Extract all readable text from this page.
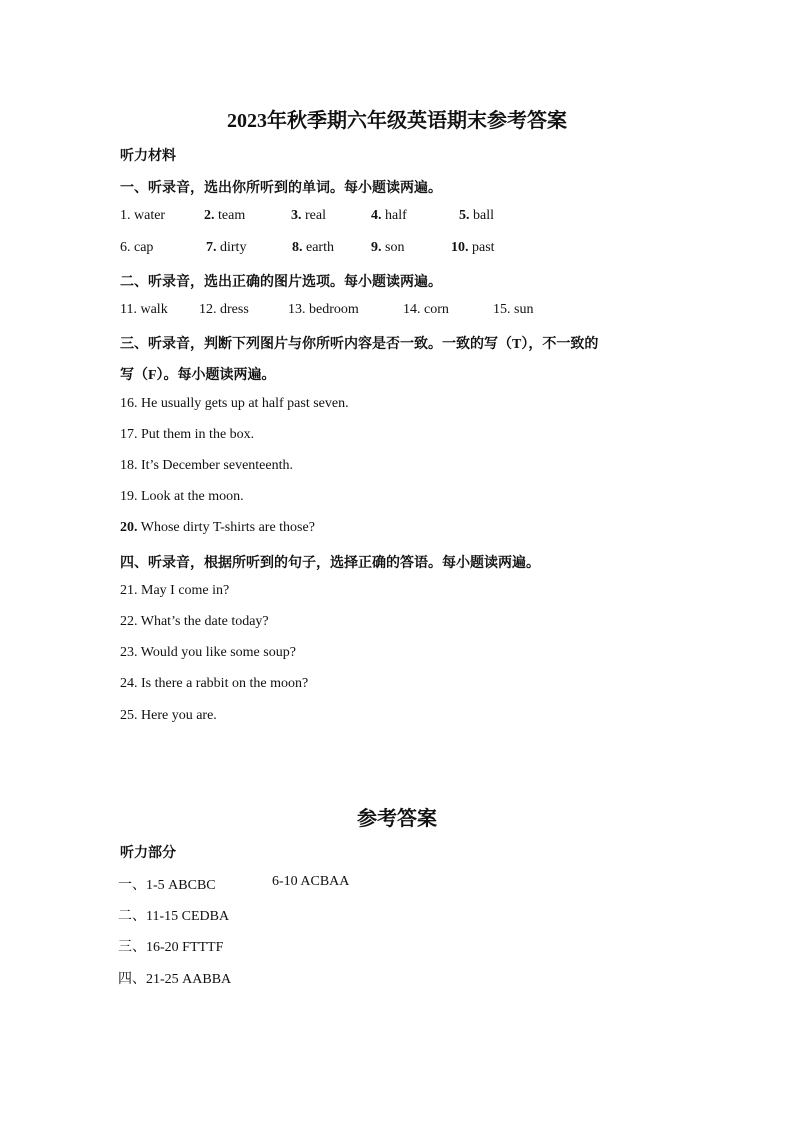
2023年秋季期六年级英语期末参考答案
听力材料
一、听录音，选出你所听到的单词。每小题读两遍。
1. water	2. team	3. real	4. half	5. ball
6. cap	7. dirty	8. earth	9. son	10. past
二、听录音，选出正确的图片选项。每小题读两遍。
11. walk 12. dress	13. bedroom	14. corn	15. sun
三、听录音，判断下列图片与你所听内容是否一致。一致的写（T），不一致的
写（F）。每小题读两遍。
16. He usually gets up at half past seven.
17. Put them in the box.
18. It’s December seventeenth.
19. Look at the moon.
20. Whose dirty T-shirts are those?
四、听录音，根据所听到的句子，选择正确的答语。每小题读两遍。
21. May I come in?
22. What’s the date today?
23. Would you like some soup?
24. Is there a rabbit on the moon?
25. Here you are.
参考答案
听力部分
一、1-5 ABCBC	6-10 ACBAA
二、11-15 CEDBA
三、16-20 FTTTF
四、21-25 AABBA
